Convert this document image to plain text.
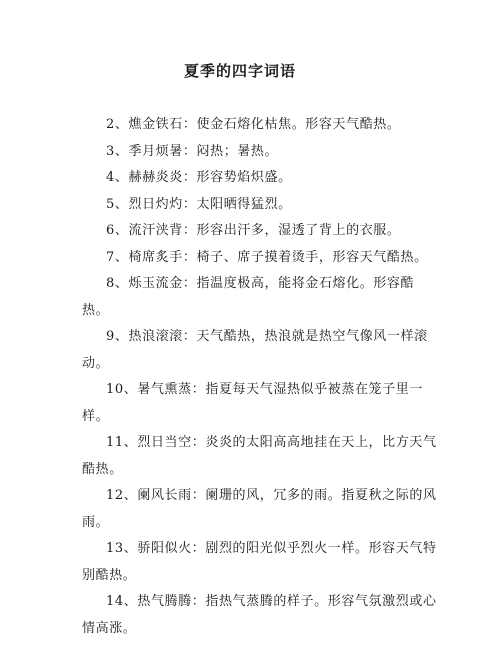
夏季的四字词语
2、燋金铁石：使金石熔化枯焦。形容天气酷热。
3、季月烦暑：闷热；暑热。
4、赫赫炎炎：形容势焰炽盛。
5、烈日灼灼：太阳晒得猛烈。
6、流汗浃背：形容出汗多，湿透了背上的衣服。
7、椅席炙手：椅子、席子摸着烫手，形容天气酷热。
8、烁玉流金：指温度极高，能将金石熔化。形容酷
热。
9、热浪滚滚：天气酷热，热浪就是热空气像风一样滚
动。
10、暑气熏蒸：指夏每天气湿热似乎被蒸在笼子里一
样。
11、烈日当空：炎炎的太阳高高地挂在天上，比方天气
酷热。
12、阑风长雨：阑珊的风，冗多的雨。指夏秋之际的风
雨。
13、骄阳似火：剧烈的阳光似乎烈火一样。形容天气特
别酷热。
14、热气腾腾：指热气蒸腾的样子。形容气氛激烈或心
情高涨。
